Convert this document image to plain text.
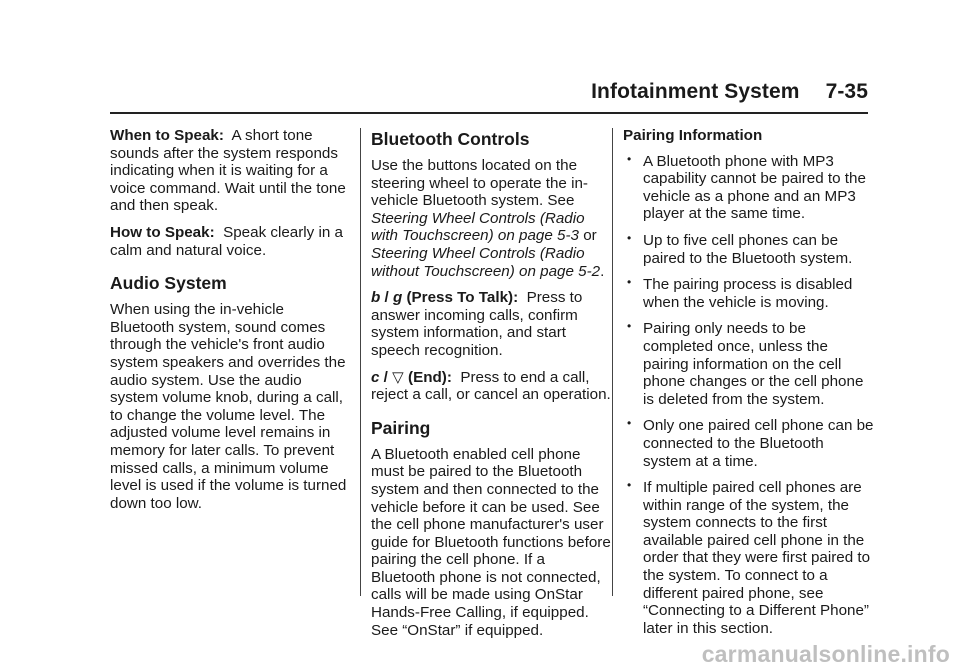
Infotainment System 7-35

When to Speak: A short tone sounds after the system responds indicating when it is waiting for a voice command. Wait until the tone and then speak.

How to Speak: Speak clearly in a calm and natural voice.

Audio System

When using the in-vehicle Bluetooth system, sound comes through the vehicle's front audio system speakers and overrides the audio system. Use the audio system volume knob, during a call, to change the volume level. The adjusted volume level remains in memory for later calls. To prevent missed calls, a minimum volume level is used if the volume is turned down too low.

Bluetooth Controls

Use the buttons located on the steering wheel to operate the in-vehicle Bluetooth system. See Steering Wheel Controls (Radio with Touchscreen) on page 5-3 or Steering Wheel Controls (Radio without Touchscreen) on page 5-2.

b / g (Press To Talk): Press to answer incoming calls, confirm system information, and start speech recognition.

c / ▽ (End): Press to end a call, reject a call, or cancel an operation.

Pairing

A Bluetooth enabled cell phone must be paired to the Bluetooth system and then connected to the vehicle before it can be used. See the cell phone manufacturer's user guide for Bluetooth functions before pairing the cell phone. If a Bluetooth phone is not connected, calls will be made using OnStar Hands-Free Calling, if equipped. See “OnStar” if equipped.

Pairing Information
• A Bluetooth phone with MP3 capability cannot be paired to the vehicle as a phone and an MP3 player at the same time.
• Up to five cell phones can be paired to the Bluetooth system.
• The pairing process is disabled when the vehicle is moving.
• Pairing only needs to be completed once, unless the pairing information on the cell phone changes or the cell phone is deleted from the system.
• Only one paired cell phone can be connected to the Bluetooth system at a time.
• If multiple paired cell phones are within range of the system, the system connects to the first available paired cell phone in the order that they were first paired to the system. To connect to a different paired phone, see “Connecting to a Different Phone” later in this section.
carmanualsonline.info
